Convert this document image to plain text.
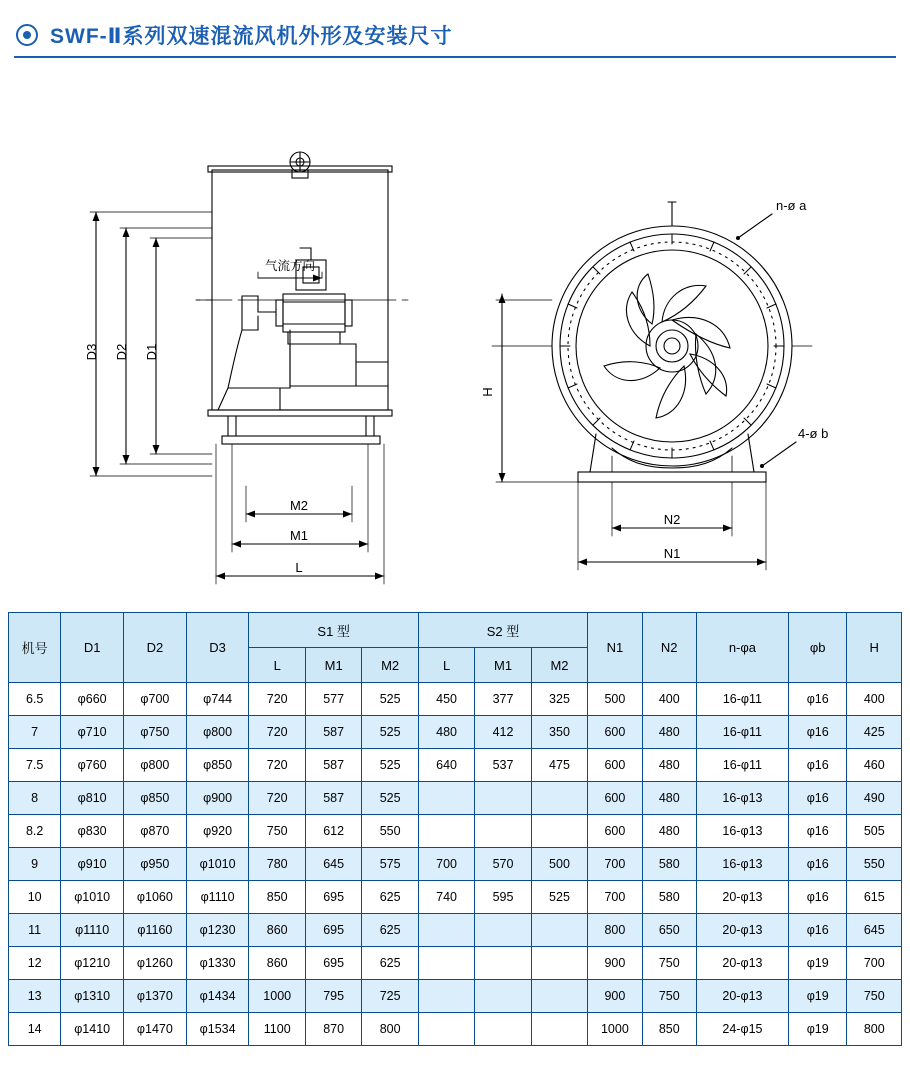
SWF-Ⅱ系列双速混流风机外形及安装尺寸
D3 D2 D1
气流方向
M2
M1
L
n-ø a
4-ø b
H
N2
N1
机号	D1	D2	D3	S1 型			S2 型			N1	N2	n-φa	φb	H
				L	M1	M2	L	M1	M2					
6.5	φ660	φ700	φ744	720	577	525	450	377	325	500	400	16-φ11	φ16	400
7	φ710	φ750	φ800	720	587	525	480	412	350	600	480	16-φ11	φ16	425
7.5	φ760	φ800	φ850	720	587	525	640	537	475	600	480	16-φ11	φ16	460
8	φ810	φ850	φ900	720	587	525				600	480	16-φ13	φ16	490
8.2	φ830	φ870	φ920	750	612	550				600	480	16-φ13	φ16	505
9	φ910	φ950	φ1010	780	645	575	700	570	500	700	580	16-φ13	φ16	550
10	φ1010	φ1060	φ1110	850	695	625	740	595	525	700	580	20-φ13	φ16	615
11	φ1110	φ1160	φ1230	860	695	625				800	650	20-φ13	φ16	645
12	φ1210	φ1260	φ1330	860	695	625				900	750	20-φ13	φ19	700
13	φ1310	φ1370	φ1434	1000	795	725				900	750	20-φ13	φ19	750
14	φ1410	φ1470	φ1534	1100	870	800				1000	850	24-φ15	φ19	800
